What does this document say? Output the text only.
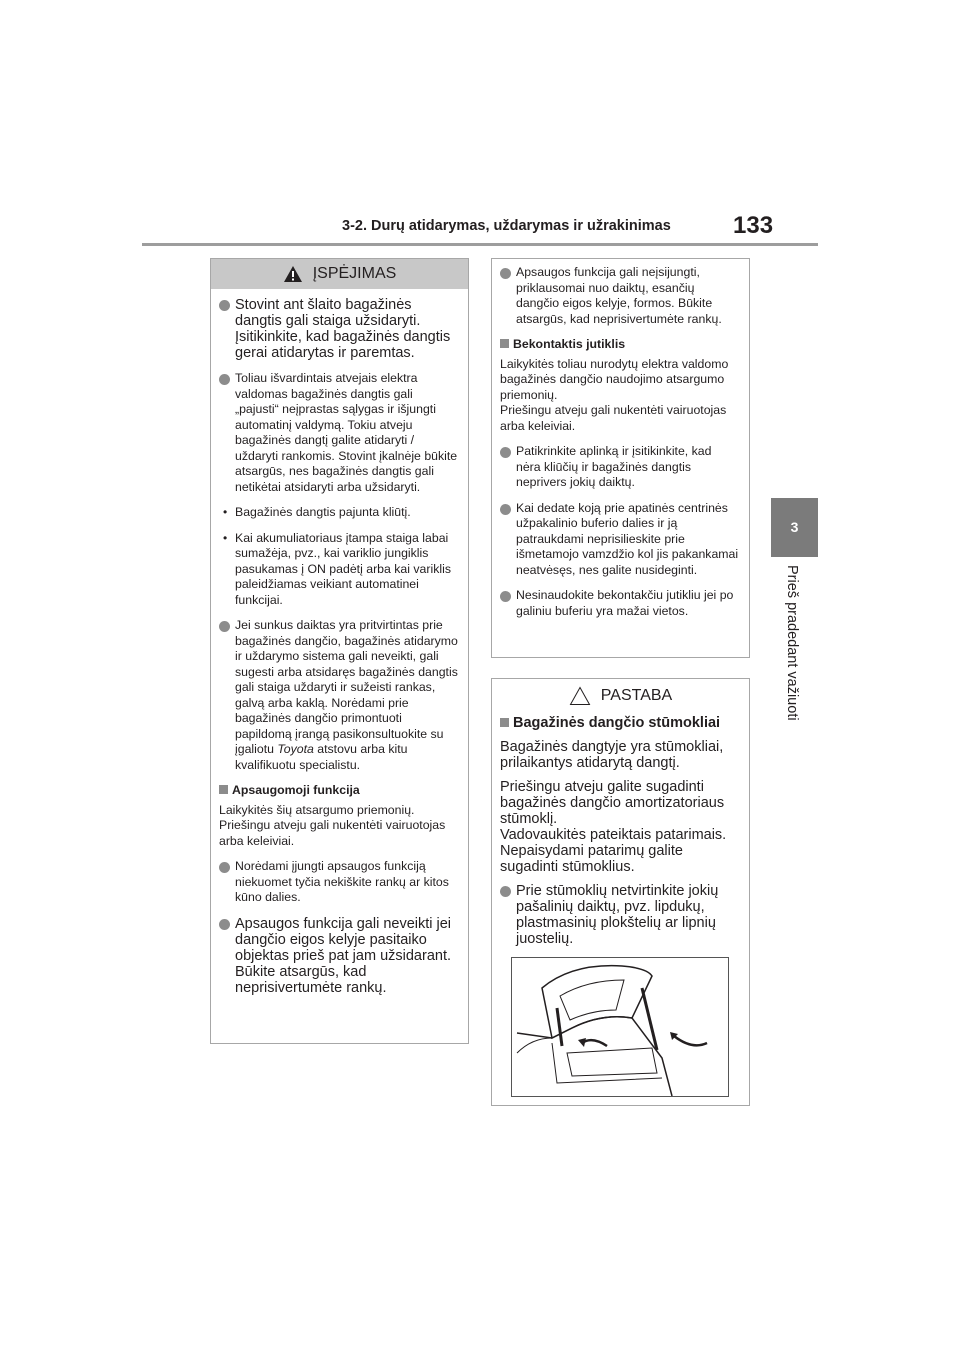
3-2. Durų atidarymas, uždarymas ir užrakinimas	133
3
Prieš pradedant važiuoti
ĮSPĖJIMAS
Stovint ant šlaito bagažinės dangtis gali staiga užsidaryti. Įsitikinkite, kad bagažinės dangtis gerai atidarytas ir paremtas.
Toliau išvardintais atvejais elektra valdomas bagažinės dangtis gali „pajusti“ neįprastas sąlygas ir išjungti automatinį valdymą. Tokiu atveju bagažinės dangtį galite atidaryti / uždaryti rankomis. Stovint įkalnėje būkite atsargūs, nes bagažinės dangtis gali netikėtai atsidaryti arba užsidaryti.
• Bagažinės dangtis pajunta kliūtį.
• Kai akumuliatoriaus įtampa staiga labai sumažėja, pvz., kai variklio jungiklis pasukamas į ON padėtį arba kai variklis paleidžiamas veikiant automatinei funkcijai.
Jei sunkus daiktas yra pritvirtintas prie bagažinės dangčio, bagažinės atidarymo ir uždarymo sistema gali neveikti, gali sugesti arba atsidaręs bagažinės dangtis gali staiga uždaryti ir sužeisti rankas, galvą arba kaklą. Norėdami prie bagažinės dangčio primontuoti papildomą įrangą pasikonsultuokite su įgaliotu Toyota atstovu arba kitu kvalifikuotu specialistu.
Apsaugomoji funkcija
Laikykitės šių atsargumo priemonių. Priešingu atveju gali nukentėti vairuotojas arba keleiviai.
Norėdami įjungti apsaugos funkciją niekuomet tyčia nekiškite rankų ar kitos kūno dalies.
Apsaugos funkcija gali neveikti jei dangčio eigos kelyje pasitaiko objektas prieš pat jam užsidarant. Būkite atsargūs, kad neprisivertumėte rankų.
Apsaugos funkcija gali neįsijungti, priklausomai nuo daiktų, esančių dangčio eigos kelyje, formos. Būkite atsargūs, kad neprisivertumėte rankų.
Bekontaktis jutiklis
Laikykitės toliau nurodytų elektra valdomo bagažinės dangčio naudojimo atsargumo priemonių.
Priešingu atveju gali nukentėti vairuotojas arba keleiviai.
Patikrinkite aplinką ir įsitikinkite, kad nėra kliūčių ir bagažinės dangtis neprivers jokių daiktų.
Kai dedate koją prie apatinės centrinės užpakalinio buferio dalies ir ją patraukdami neprisilieskite prie išmetamojo vamzdžio kol jis pakankamai neatvėsęs, nes galite nusideginti.
Nesinaudokite bekontakčiu jutikliu jei po galiniu buferiu yra mažai vietos.
PASTABA
Bagažinės dangčio stūmokliai
Bagažinės dangtyje yra stūmokliai, prilaikantys atidarytą dangtį.
Priešingu atveju galite sugadinti bagažinės dangčio amortizatoriaus stūmoklį.
Vadovaukitės pateiktais patarimais. Nepaisydami patarimų galite sugadinti stūmoklius.
Prie stūmoklių netvirtinkite jokių pašalinių daiktų, pvz. lipdukų, plastmasinių plokštelių ar lipnių juostelių.
